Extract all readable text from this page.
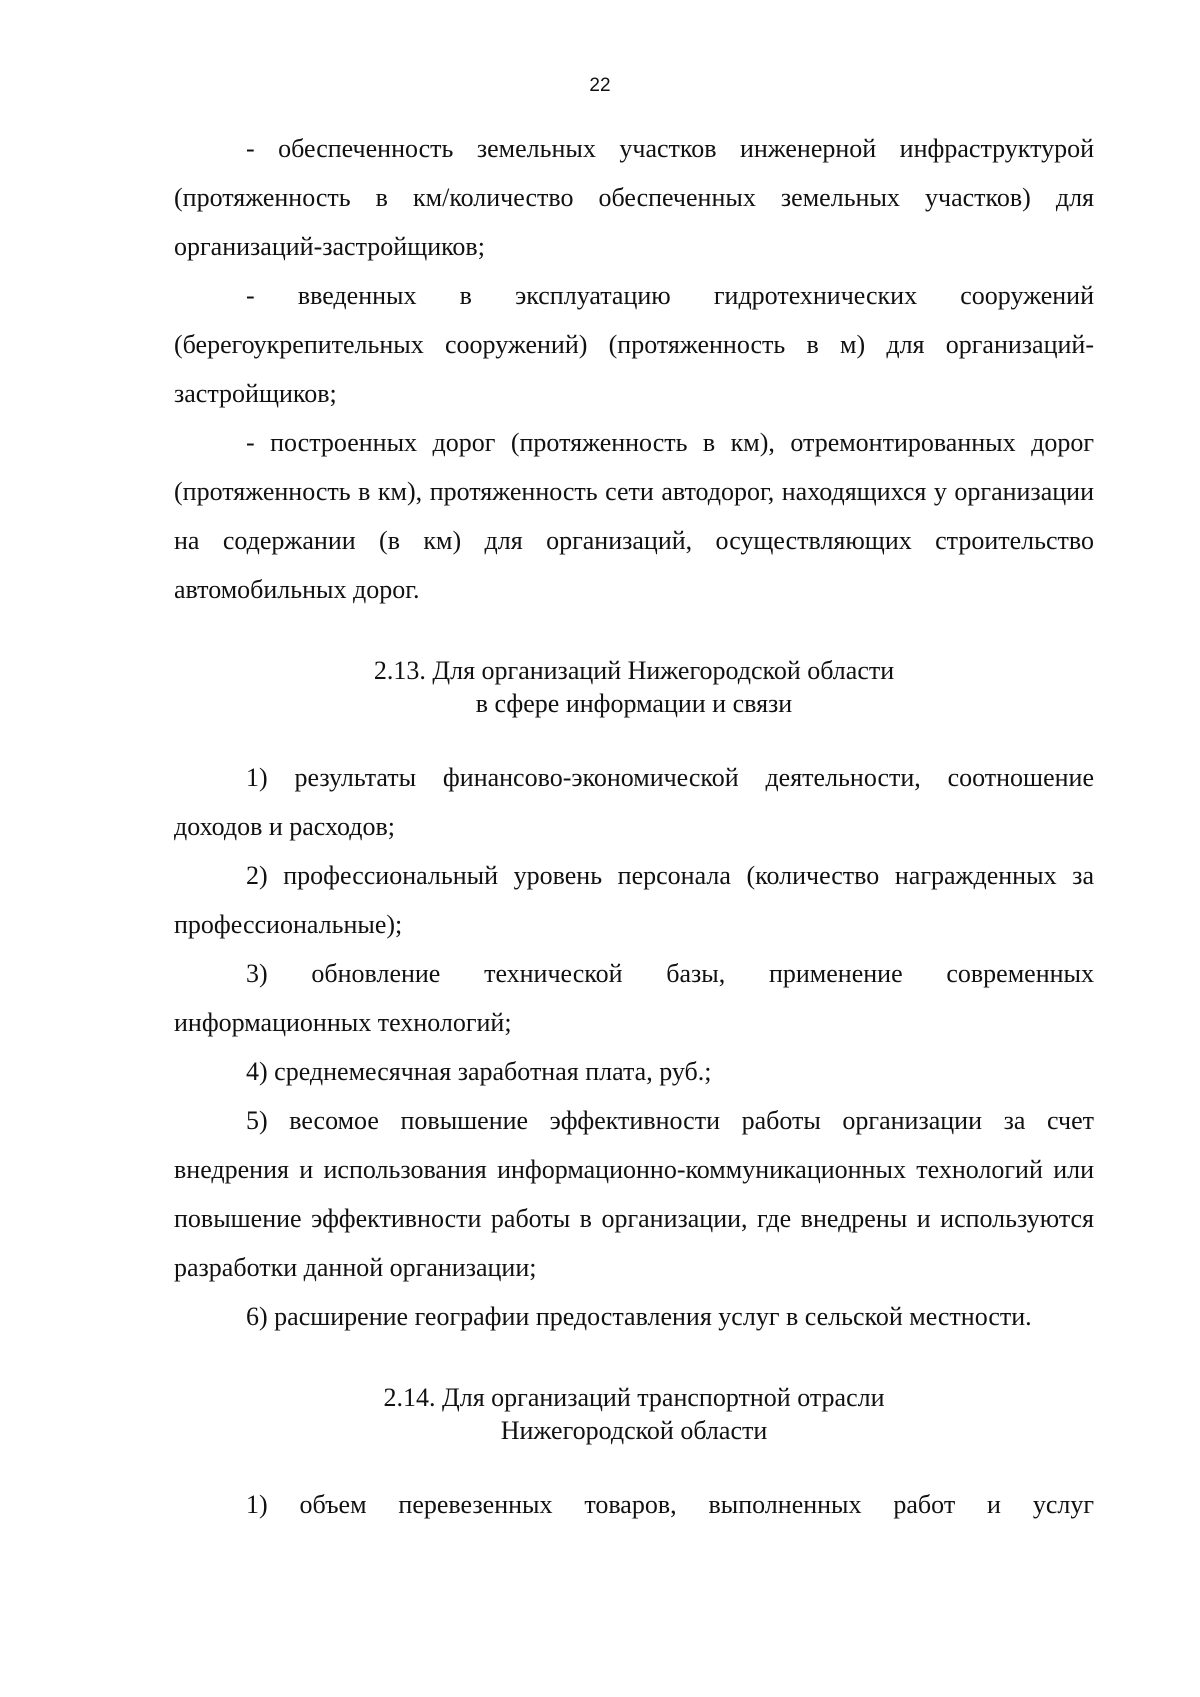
22

- обеспеченность земельных участков инженерной инфраструктурой (протяженность в км/количество обеспеченных земельных участков) для организаций-застройщиков;

- введенных в эксплуатацию гидротехнических сооружений (берегоукрепительных сооружений) (протяженность в м) для организаций-застройщиков;

- построенных дорог (протяженность в км), отремонтированных дорог (протяженность в км), протяженность сети автодорог, находящихся у организации на содержании (в км) для организаций, осуществляющих строительство автомобильных дорог.

2.13. Для организаций Нижегородской области

в сфере информации и связи

1) результаты финансово-экономической деятельности, соотношение доходов и расходов;

2) профессиональный уровень персонала (количество награжденных за профессиональные);

3) обновление технической базы, применение современных информационных технологий;

4) среднемесячная заработная плата, руб.;

5) весомое повышение эффективности работы организации за счет внедрения и использования информационно-коммуникационных технологий или повышение эффективности работы в организации, где внедрены и используются разработки данной организации;

6) расширение географии предоставления услуг в сельской местности.

2.14. Для организаций транспортной отрасли

Нижегородской области

1) объем перевезенных товаров, выполненных работ и услуг
